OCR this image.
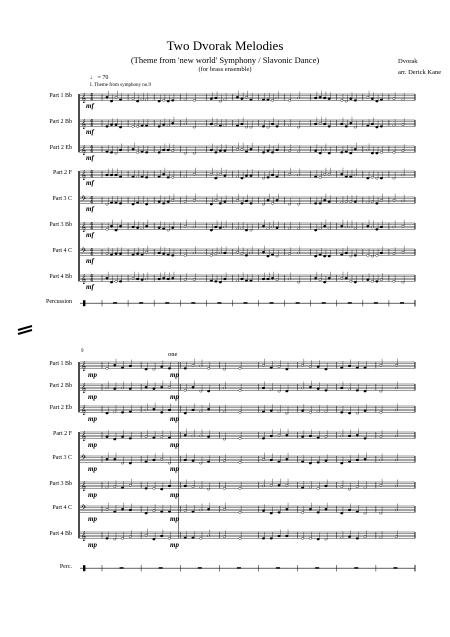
Two Dvorak Melodies
(Theme from 'new world' Symphony / Slavonic Dance)
(for brass ensemble)
Dvorak
arr. Derick Kane
♩ = 70
I. Theme from symphony no.9
𝄞 4
4
𝄞 4
4
𝄞 4
4
𝄞 4
4
𝄢 4
4
𝄞 4
4
𝄢 4
4
𝄞 4
4
𝄞
𝄞
𝄞
𝄞
𝄢
𝄞
𝄢
𝄞
mf
Part 1 Bb
mf
Part 2 Bb
mf
Part 2 Eb
mf
Part 2 F
mf
Part 3 C
mf
Part 3 Bb
mf
Part 4 C
mf
Part 4 Bb
Percussion
9	one
mp	mp
Part 1 Bb
mp	mp
Part 2 Bb
mp	mp
Part 2 Eb
mp	mp
Part 2 F
mp	mp
Part 3 C
mp	mp
Part 3 Bb
mp	mp
Part 4 C
mp	mp
Part 4 Bb
Perc.
